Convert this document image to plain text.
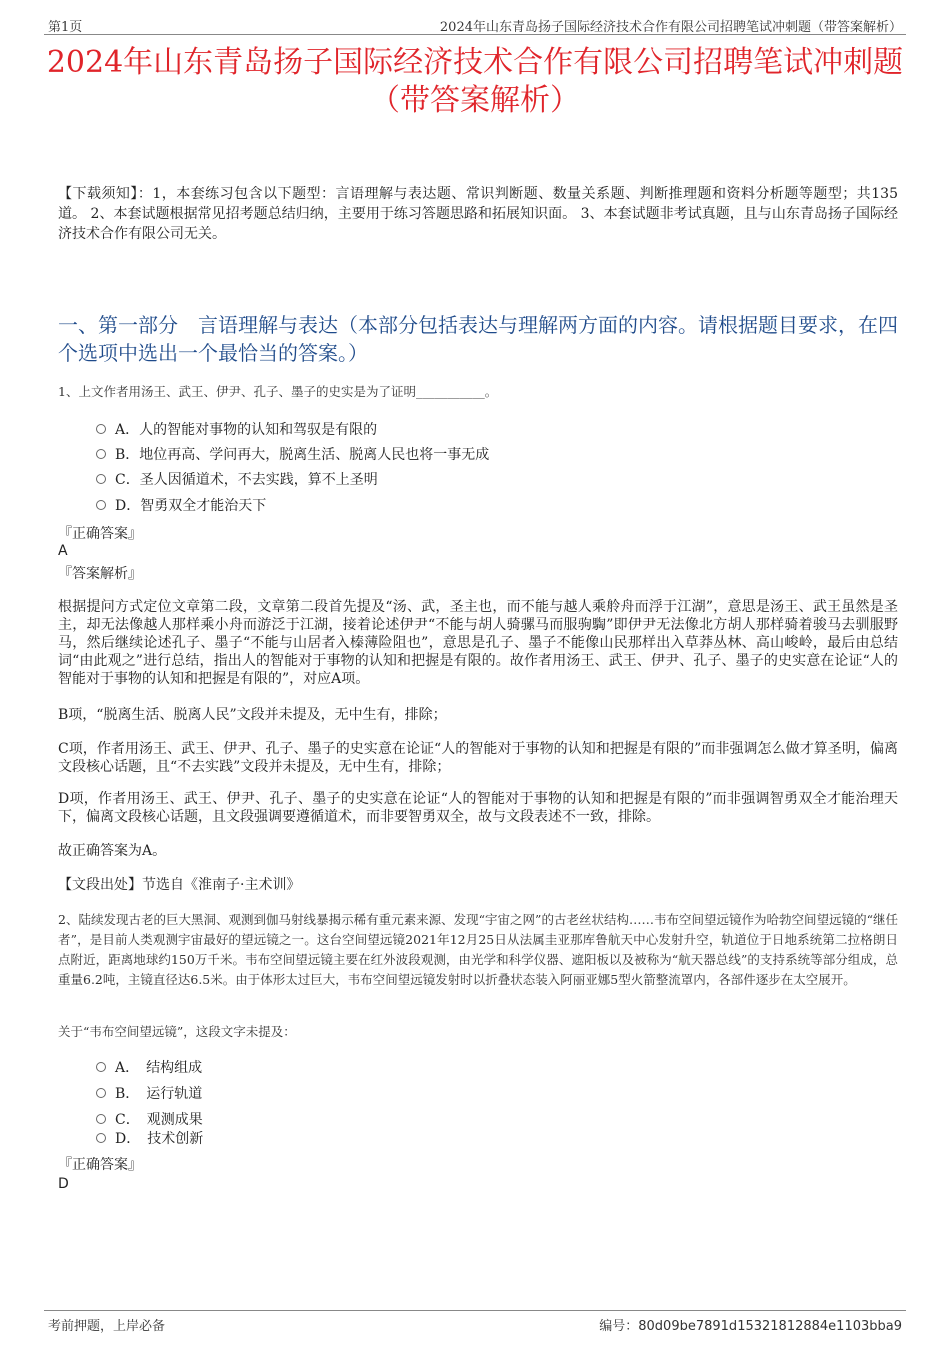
第1页	2024年山东青岛扬子国际经济技术合作有限公司招聘笔试冲刺题（带答案解析）
2024年山东青岛扬子国际经济技术合作有限公司招聘笔试冲刺题（带答案解析）
【下载须知】：1，本套练习包含以下题型：言语理解与表达题、常识判断题、数量关系题、判断推理题和资料分析题等题型；共135道。 2、本套试题根据常见招考题总结归纳，主要用于练习答题思路和拓展知识面。 3、本套试题非考试真题，且与山东青岛扬子国际经济技术合作有限公司无关。
一、第一部分　言语理解与表达（本部分包括表达与理解两方面的内容。请根据题目要求，在四个选项中选出一个最恰当的答案。）
1、上文作者用汤王、武王、伊尹、孔子、墨子的史实是为了证明___________。
A．人的智能对事物的认知和驾驭是有限的
B．地位再高、学问再大，脱离生活、脱离人民也将一事无成
C．圣人因循道术，不去实践，算不上圣明
D．智勇双全才能治天下
『正确答案』
A
『答案解析』
根据提问方式定位文章第二段，文章第二段首先提及“汤、武，圣主也，而不能与越人乘舲舟而浮于江湖”，意思是汤王、武王虽然是圣主，却无法像越人那样乘小舟而游泛于江湖，接着论述伊尹“不能与胡人骑骡马而服驹騊”即伊尹无法像北方胡人那样骑着骏马去驯服野马，然后继续论述孔子、墨子“不能与山居者入榛薄险阻也”，意思是孔子、墨子不能像山民那样出入草莽丛林、高山峻岭，最后由总结词“由此观之”进行总结，指出人的智能对于事物的认知和把握是有限的。故作者用汤王、武王、伊尹、孔子、墨子的史实意在论证“人的智能对于事物的认知和把握是有限的”，对应A项。
B项，“脱离生活、脱离人民”文段并未提及，无中生有，排除；
C项，作者用汤王、武王、伊尹、孔子、墨子的史实意在论证“人的智能对于事物的认知和把握是有限的”而非强调怎么做才算圣明，偏离文段核心话题，且“不去实践”文段并未提及，无中生有，排除；
D项，作者用汤王、武王、伊尹、孔子、墨子的史实意在论证“人的智能对于事物的认知和把握是有限的”而非强调智勇双全才能治理天下，偏离文段核心话题，且文段强调要遵循道术，而非要智勇双全，故与文段表述不一致，排除。
故正确答案为A。
【文段出处】节选自《淮南子·主术训》
2、陆续发现古老的巨大黑洞、观测到伽马射线暴揭示稀有重元素来源、发现“宇宙之网”的古老丝状结构……韦布空间望远镜作为哈勃空间望远镜的“继任者”，是目前人类观测宇宙最好的望远镜之一。这台空间望远镜2021年12月25日从法属圭亚那库鲁航天中心发射升空，轨道位于日地系统第二拉格朗日点附近，距离地球约150万千米。韦布空间望远镜主要在红外波段观测，由光学和科学仪器、遮阳板以及被称为“航天器总线”的支持系统等部分组成，总重量6.2吨，主镜直径达6.5米。由于体形太过巨大，韦布空间望远镜发射时以折叠状态装入阿丽亚娜5型火箭整流罩内，各部件逐步在太空展开。
关于“韦布空间望远镜”，这段文字未提及：
A．　结构组成
B．　运行轨道
C．　观测成果
D．　技术创新
『正确答案』
D
考前押题，上岸必备	编号：80d09be7891d15321812884e1103bba9
